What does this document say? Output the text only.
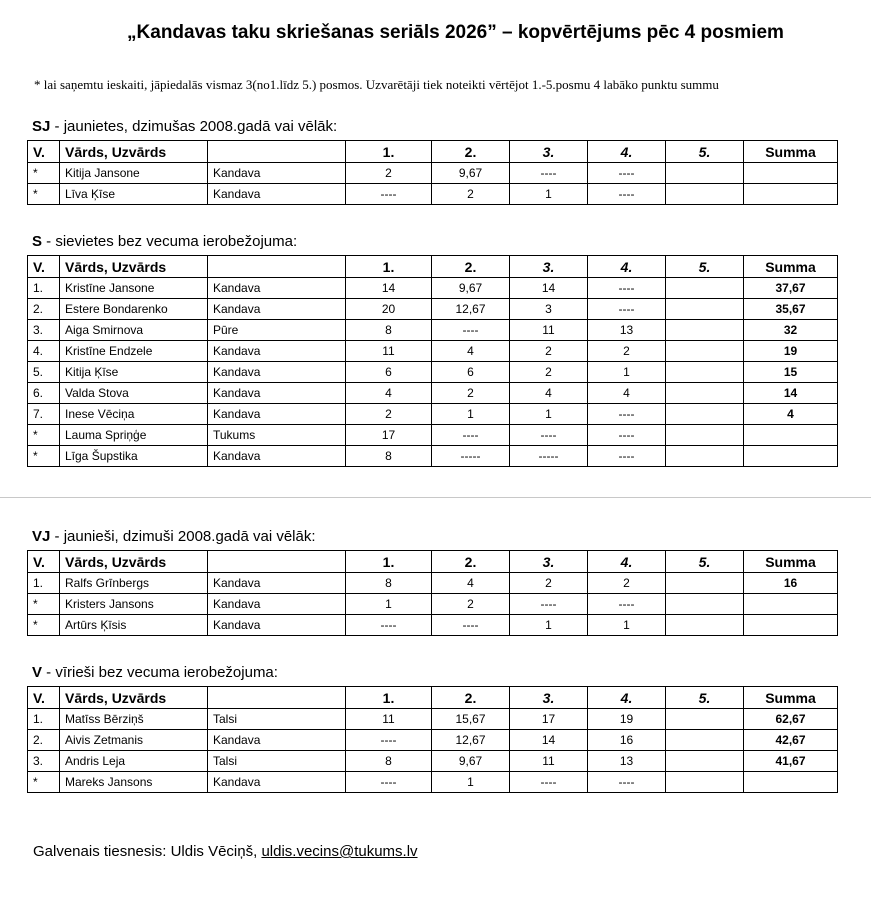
„Kandavas taku skriešanas seriāls 2026” – kopvērtējums pēc 4 posmiem
* lai saņemtu ieskaiti, jāpiedalās vismaz 3(no1.līdz 5.) posmos. Uzvarētāji tiek noteikti vērtējot 1.-5.posmu 4 labāko punktu summu
SJ - jaunietes, dzimušas 2008.gadā vai vēlāk:
V.	Vārds, Uzvārds		1.	2.	3.	4.	5.	Summa
*	Kitija Jansone	Kandava	2	9,67	----	----		
*	Līva Ķīse	Kandava	----	2	1	----		
S - sievietes bez vecuma ierobežojuma:
V.	Vārds, Uzvārds		1.	2.	3.	4.	5.	Summa
1.	Kristīne Jansone	Kandava	14	9,67	14	----		37,67
2.	Estere Bondarenko	Kandava	20	12,67	3	----		35,67
3.	Aiga Smirnova	Pūre	8	----	11	13		32
4.	Kristīne Endzele	Kandava	11	4	2	2		19
5.	Kitija Ķīse	Kandava	6	6	2	1		15
6.	Valda Stova	Kandava	4	2	4	4		14
7.	Inese Vēciņa	Kandava	2	1	1	----		4
*	Lauma Spriņģe	Tukums	17	----	----	----		
*	Līga Šupstika	Kandava	8	-----	-----	----		
VJ - jaunieši, dzimuši 2008.gadā vai vēlāk:
V.	Vārds, Uzvārds		1.	2.	3.	4.	5.	Summa
1.	Ralfs Grīnbergs	Kandava	8	4	2	2		16
*	Kristers Jansons	Kandava	1	2	----	----		
*	Artūrs Ķīsis	Kandava	----	----	1	1		
V - vīrieši bez vecuma ierobežojuma:
V.	Vārds, Uzvārds		1.	2.	3.	4.	5.	Summa
1.	Matīss Bērziņš	Talsi	11	15,67	17	19		62,67
2.	Aivis Zetmanis	Kandava	----	12,67	14	16		42,67
3.	Andris Leja	Talsi	8	9,67	11	13		41,67
*	Mareks Jansons	Kandava	----	1	----	----		
Galvenais tiesnesis: Uldis Vēciņš, uldis.vecins@tukums.lv
